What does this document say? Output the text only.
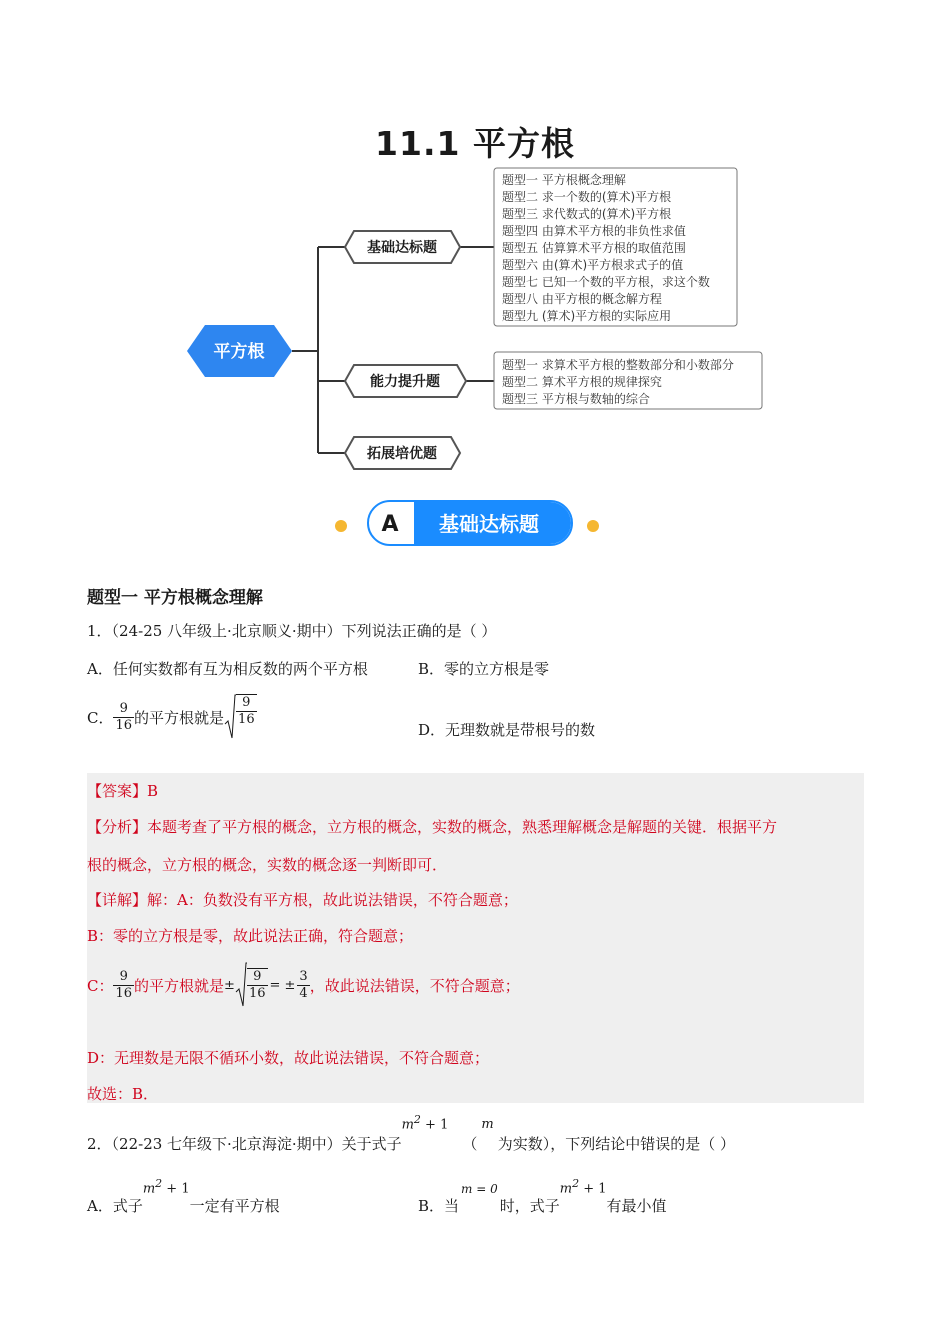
11.1 平方根
平方根
基础达标题
能力提升题
拓展培优题
题型一 平方根概念理解
题型二 求一个数的(算术)平方根
题型三 求代数式的(算术)平方根
题型四 由算术平方根的非负性求值
题型五 估算算术平方根的取值范围
题型六 由(算术)平方根求式子的值
题型七 已知一个数的平方根，求这个数
题型八 由平方根的概念解方程
题型九 (算术)平方根的实际应用
题型一 求算术平方根的整数部分和小数部分
题型二 算术平方根的规律探究
题型三 平方根与数轴的综合
A 基础达标题
题型一 平方根概念理解
1．（24-25 八年级上·北京顺义·期中）下列说法正确的是（ ）
A．任何实数都有互为相反数的两个平方根	B．零的立方根是零
C． $\frac{9}{16}$ 的平方根就是 $\frac{9}{16}$	D．无理数就是带根号的数
【答案】B
【分析】本题考查了平方根的概念，立方根的概念，实数的概念，熟悉理解概念是解题的关键．根据平方
根的概念，立方根的概念，实数的概念逐一判断即可．
【详解】解：A：负数没有平方根，故此说法错误，不符合题意；
B：零的立方根是零，故此说法正确，符合题意；
C： $\frac{9}{16}$ 的平方根就是 ± $\frac{9}{16}$ = ± $\frac{3}{4}$ ，故此说法错误，不符合题意；
D：无理数是无限不循环小数，故此说法错误，不符合题意；
故选：B．
2．（22-23 七年级下·北京海淀·期中）关于式子
$m^2 + 1$
（
m
为实数），下列结论中错误的是（ ）
A．式子
$m^2 + 1$
一定有平方根	B．当
m = 0
时，式子
$m^2 + 1$
有最小值
